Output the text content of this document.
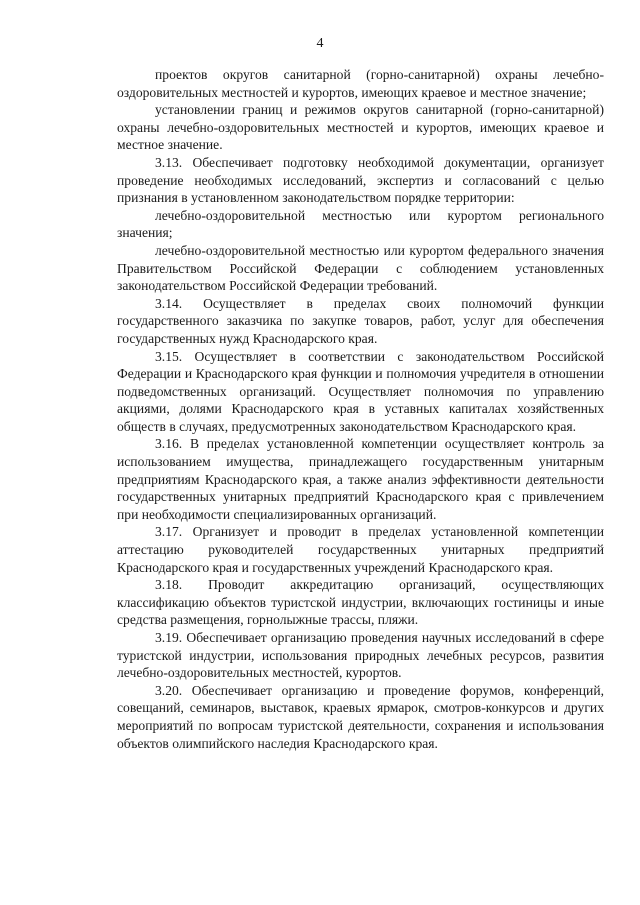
4

проектов округов санитарной (горно-санитарной) охраны лечебно-оздоровительных местностей и курортов, имеющих краевое и местное значение;

установлении границ и режимов округов санитарной (горно-санитарной) охраны лечебно-оздоровительных местностей и курортов, имеющих краевое и местное значение.

3.13. Обеспечивает подготовку необходимой документации, организует проведение необходимых исследований, экспертиз и согласований с целью признания в установленном законодательством порядке территории:

лечебно-оздоровительной местностью или курортом регионального значения;

лечебно-оздоровительной местностью или курортом федерального значения Правительством Российской Федерации с соблюдением установленных законодательством Российской Федерации требований.

3.14. Осуществляет в пределах своих полномочий функции государственного заказчика по закупке товаров, работ, услуг для обеспечения государственных нужд Краснодарского края.

3.15. Осуществляет в соответствии с законодательством Российской Федерации и Краснодарского края функции и полномочия учредителя в отношении подведомственных организаций. Осуществляет полномочия по управлению акциями, долями Краснодарского края в уставных капиталах хозяйственных обществ в случаях, предусмотренных законодательством Краснодарского края.

3.16. В пределах установленной компетенции осуществляет контроль за использованием имущества, принадлежащего государственным унитарным предприятиям Краснодарского края, а также анализ эффективности деятельности государственных унитарных предприятий Краснодарского края с привлечением при необходимости специализированных организаций.

3.17. Организует и проводит в пределах установленной компетенции аттестацию руководителей государственных унитарных предприятий Краснодарского края и государственных учреждений Краснодарского края.

3.18. Проводит аккредитацию организаций, осуществляющих классификацию объектов туристской индустрии, включающих гостиницы и иные средства размещения, горнолыжные трассы, пляжи.

3.19. Обеспечивает организацию проведения научных исследований в сфере туристской индустрии, использования природных лечебных ресурсов, развития лечебно-оздоровительных местностей, курортов.

3.20. Обеспечивает организацию и проведение форумов, конференций, совещаний, семинаров, выставок, краевых ярмарок, смотров-конкурсов и других мероприятий по вопросам туристской деятельности, сохранения и использования объектов олимпийского наследия Краснодарского края.
